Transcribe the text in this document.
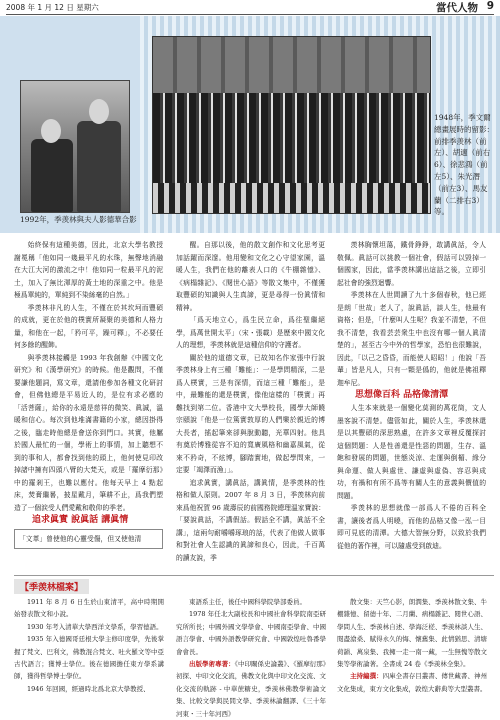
2008 年 1 月 12 日 星期六	當代人物 9
1992年，季羡林與夫人影德華合影
1948年，季文爾總畫展時的留影：前排季羡林（前左）、胡適（前右6）、徐悲鴻（前左5）、朱光潛（前左3）、馬友蘭（二排右3）等。

始終保有這種美德，因此，北京大學名教授謝冕稱「他如同一幾最平凡的水珠，無聲地消融在大江大河的激流之中！他如同一粒最平凡的泥土，加入了無比渾厚的黃土地的深重之中。他是極爲單純的，單純到不染絲毫的自然。」

季羡林非凡的人生，不僅在於其坎坷而豐碩的成就，更在於他的樸實所凝聚的美德和人格力量，和他在一起，「矜可平，躁可釋」，不必要任何多餘的醒飾。

與季羡林接觸是 1993 年我創辦《中國文化研究》和《漢學研究》的時候。他是觀問，不僅要謙他題詞，寫文章，還請他參加各種文化研討會，但佛他總是平易近人的，是位有求必應的「活菩薩」，給你的永遠是慈祥的微笑、眞誠，溫暖和信心。每次到他堆滿書籍的小家，總因掛得之後，臨走時他總是會送你到門口。其實，他屬於國人最忙的一個，學術上的事情，加上聽想不到的事和人，都會找到他的頭上，他何使見印改掉諸中擁有四頭八臂的大梵天，或是「羅摩衍那》中的羅剎王，也難以應付。他每天早上 4 點起床，焚膏繼晷，披星戴月，筆耕不止，爲我們塑造了一個涙受人們愛戴和敬仰的季老。

追求眞實 說眞話 講眞情

「文革」曾使他的心靈受傷，但又使他清

醒。自那以後，他的散文創作和文化思考更加話躍而深邃。他用變和文化之心守望家園，溫暖人生，我們在他的離表人口的《牛棚雜憶》、《病榻雜記》、《閱世心語》等散文集中，不僅獲取豐碩的知識與人生真諦，更是尋得一份眞情和精神。

「爲天地立心，爲生民立命，爲往聖繼絕學，爲萬世開太平」（宋・張載）是歷來中國文化人的理想，季羡林就是這種信仰的守護者。

關於他的道德文章，已故知名作家張中行說季羡林身上有三種「難能」：一是學問精深，二是爲人樸實，三是有深情，而這三種「難能」，是中，最難能的還是樸實，像他這樣的「樸實」再難找到第二位。香港中文大學校長，國學大師饒宗頤說「他是一位篤實敦厚的人們樂於親近的博大長者，搖起筆來卻與脫動聽，光華四射。他具有奠於博雅從容不迫的寬廣風格和幽嘉風氣，從來不矜奇，不炫博，腳踏實地，做起學問來，一定要「竭澤而漁」」。

追求眞實，講眞話，講眞情，是季羡林的性格和做人原則。2007 年 8 月 3 日，季羡林向前來爲他祝賀 96 歲壽辰的前國務院總理溫家寶說：「要說眞話，不講假話。假話全不講，眞話不全講」，這兩句耐嚼嚼琢琅的話，代表了他做人做事和對社會人生認識的眞諦和良心，因此，千百萬的讀友說，季

羡林胸懷坦蕩，鐵骨錚錚，敢講眞話，令人敬佩。眞話可以挑教一個社會，假話可以毀掉一個國家，因此，當季羡林講出這話之後，立即引起社會的強烈迴響。

季羡林在人世間讀了九十多個春秋，他已經是朗「世故」老人了，說眞話，談人生，他最有資格；但是，「什麼叫人生呢？我並不清楚，不但我不清楚，我看芸芸衆生中也沒有哪一個人眞清楚的」，甚至古今中外的哲學家，恐怕也很難說，因此，「以己之昏昏，而能使人昭昭！」他說「吾輩」皆是凡人，只有一顆是僞的，他就是佛祖釋迦牟尼。

思想像百科 品格像清潭

人生本來就是一個變化莫測的萬花筒，文人墨客說不清楚。儘管如此，關於人生，季羡林還是以其豐碩的深思熟慮，在許多文章裡反覆探討這個問題：人是性善還是性惡的問題，生存、溫飽和發展的問題，世態炎涼、走運與倒楣、緣分與命運、做人與處世、謙虛與虛偽、容忍與成功，有禍和有所不爲等有關人生的意義與價值的問題。

季羡林的思想就像一部爲人不倦的百科全書，讓後者爲人明曉，而他的品格又像一泓一目即可見底的清潭。大德大智無分野，以致於我們從他的著作裡，可以隨處受到啟迪。

【季羡林檔案】

1911 年 8 月 6 日生於山東清平，高中時期開始發表散文和小說。

1930 年考入清華大學西洋文學系，學習德語。

1935 年入德國哥廷根大學主修印度學，先後掌握了梵文、巴利文，佛教混合梵文、吐火羅文等中亞古代語言；獲博士學位。後在德國擔任東方學系講師，獲得哲學博士學位。

1946 年回國，經過時北爲北京大學教授、

東語系主任，後任中國科學院學部委員。

1978 年任北大副校長和中國社會科學院南亞研究所所長；中國外國文學學會、中國南亞學會、中國語言學會、中國外語教學研究會、中國敦煌吐魯番學會會長。

出版學術專著：《中印關係史論叢》、《羅摩衍那》初探、中印文化交流，佛教文化與中印文化交流、文化交流的軌跡 - 中華蔗糖史，季羡林佛教學術論文集、比較文學與民間文學、季羡林論翻譯、《三十年河東・三十年河西》

散文集：天竺心影，朗潤集、季羡林散文集、牛棚雜憶、留德十年、二月蘭、病榻雜記、閱世心語、學問人生、季羡林自述、學海泛槎、季羡林談人生、閱盡滄桑、賦得永久的悔、懷舊集、此情猶思、清塘荷韻、萬泉集、我擁一走一南一藏，一生無愧等散文集等學術論著。全書成 24 卷《季羡林全集》。

主持編撰：四庫全書存目叢書、傳世藏書、神州文化集成，東方文化集成，敦煌大辭典等大型叢書。
